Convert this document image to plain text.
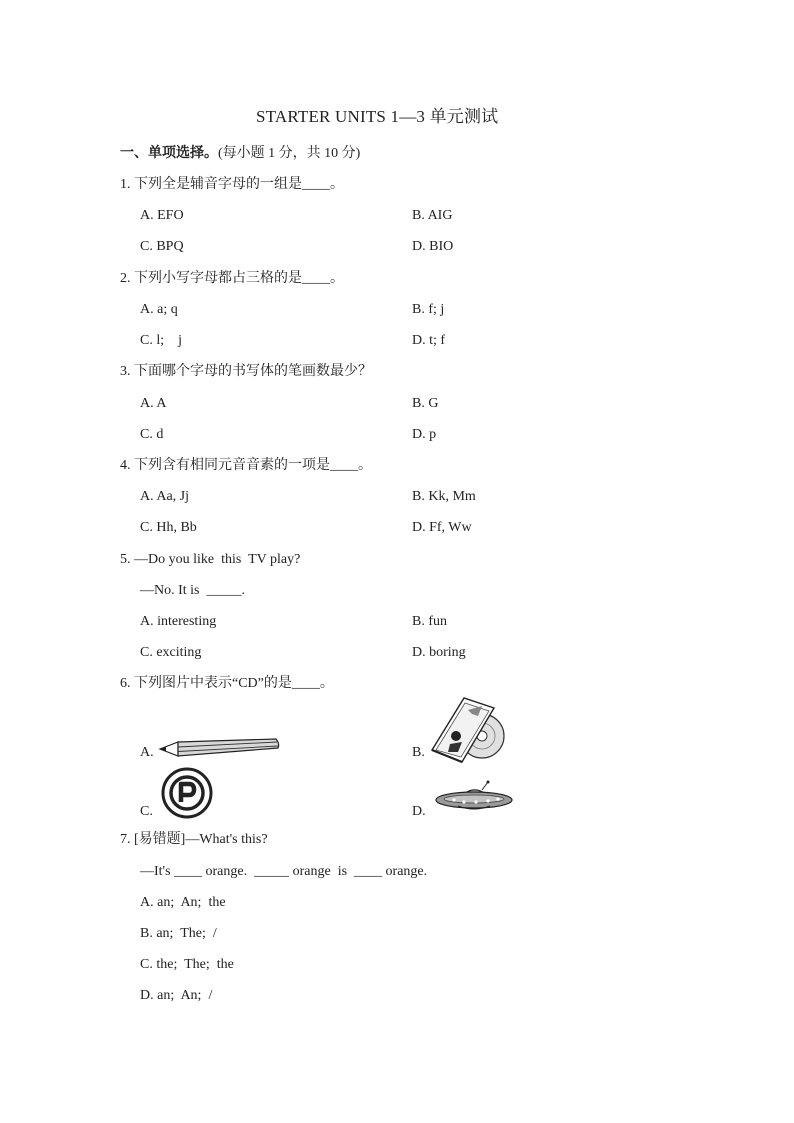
STARTER UNITS 1—3 单元测试
一、单项选择。(每小题 1 分，共 10 分)
1. 下列全是辅音字母的一组是____。
A. EFO	B. AIG
C. BPQ	D. BIO
2. 下列小写字母都占三格的是____。
A. a; q	B. f; j
C. l;    j	D. t; f
3. 下面哪个字母的书写体的笔画数最少？
A. A	B. G
C. d	D. p
4. 下列含有相同元音音素的一项是____。
A. Aa, Jj	B. Kk, Mm
C. Hh, Bb	D. Ff, Ww
5. —Do you like  this  TV play?
—No. It is  _____.
A. interesting	B. fun
C. exciting	D. boring
6. 下列图片中表示“CD”的是____。
A.	B.
C.	D.
7. [易错题]—What's this?
—It's ____ orange.  _____ orange  is  ____ orange.
A. an;  An;  the
B. an;  The;  /
C. the;  The;  the
D. an;  An;  /
